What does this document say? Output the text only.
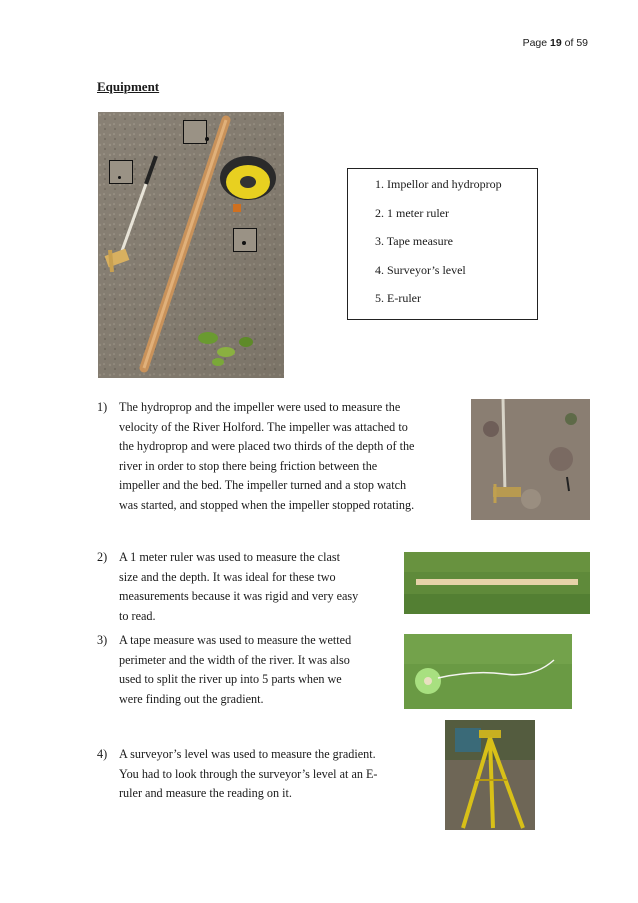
Page 19 of 59
Equipment
1. Impellor and hydroprop
2. 1 meter ruler
3. Tape measure
4. Surveyor’s level
5. E-ruler
1) The hydroprop and the impeller were used to measure the
velocity of the River Holford. The impeller was attached to
the hydroprop and were placed two thirds of the depth of the
river in order to stop there being friction between the
impeller and the bed. The impeller turned and a stop watch
was started, and stopped when the impeller stopped rotating.
2) A 1 meter ruler was used to measure the clast
size and the depth. It was ideal for these two
measurements because it was rigid and very easy
to read.
3) A tape measure was used to measure the wetted
perimeter and the width of the river. It was also
used to split the river up into 5 parts when we
were finding out the gradient.
4) A surveyor’s level was used to measure the gradient.
You had to look through the surveyor’s level at an E-
ruler and measure the reading on it.
